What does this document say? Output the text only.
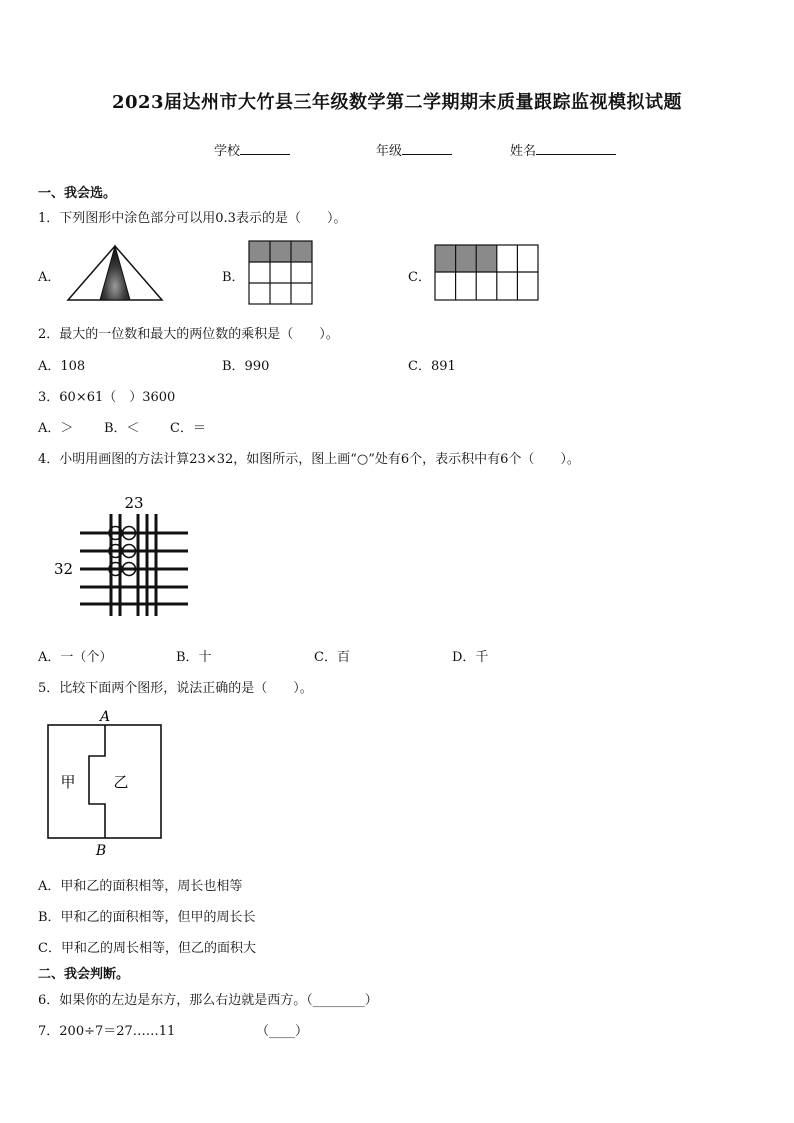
2023届达州市大竹县三年级数学第二学期期末质量跟踪监视模拟试题
学校	年级	姓名
一、我会选。
1．下列图形中涂色部分可以用0.3表示的是（　　）。
A．	B．	C．
2．最大的一位数和最大的两位数的乘积是（　　）。
A．108	B．990	C．891
3．60×61（　）3600
A．＞ B．＜ C．＝
4．小明用画图的方法计算23×32，如图所示，图上画“○”处有6个，表示积中有6个（　　）。
23
32
A．一（个）	B．十	C．百	D．千
5．比较下面两个图形，说法正确的是（　　）。
A
甲	乙
B
A．甲和乙的面积相等，周长也相等
B．甲和乙的面积相等，但甲的周长长
C．甲和乙的周长相等，但乙的面积大
二、我会判断。
6．如果你的左边是东方，那么右边就是西方。（________）
7．200÷7＝27……11	（____）
